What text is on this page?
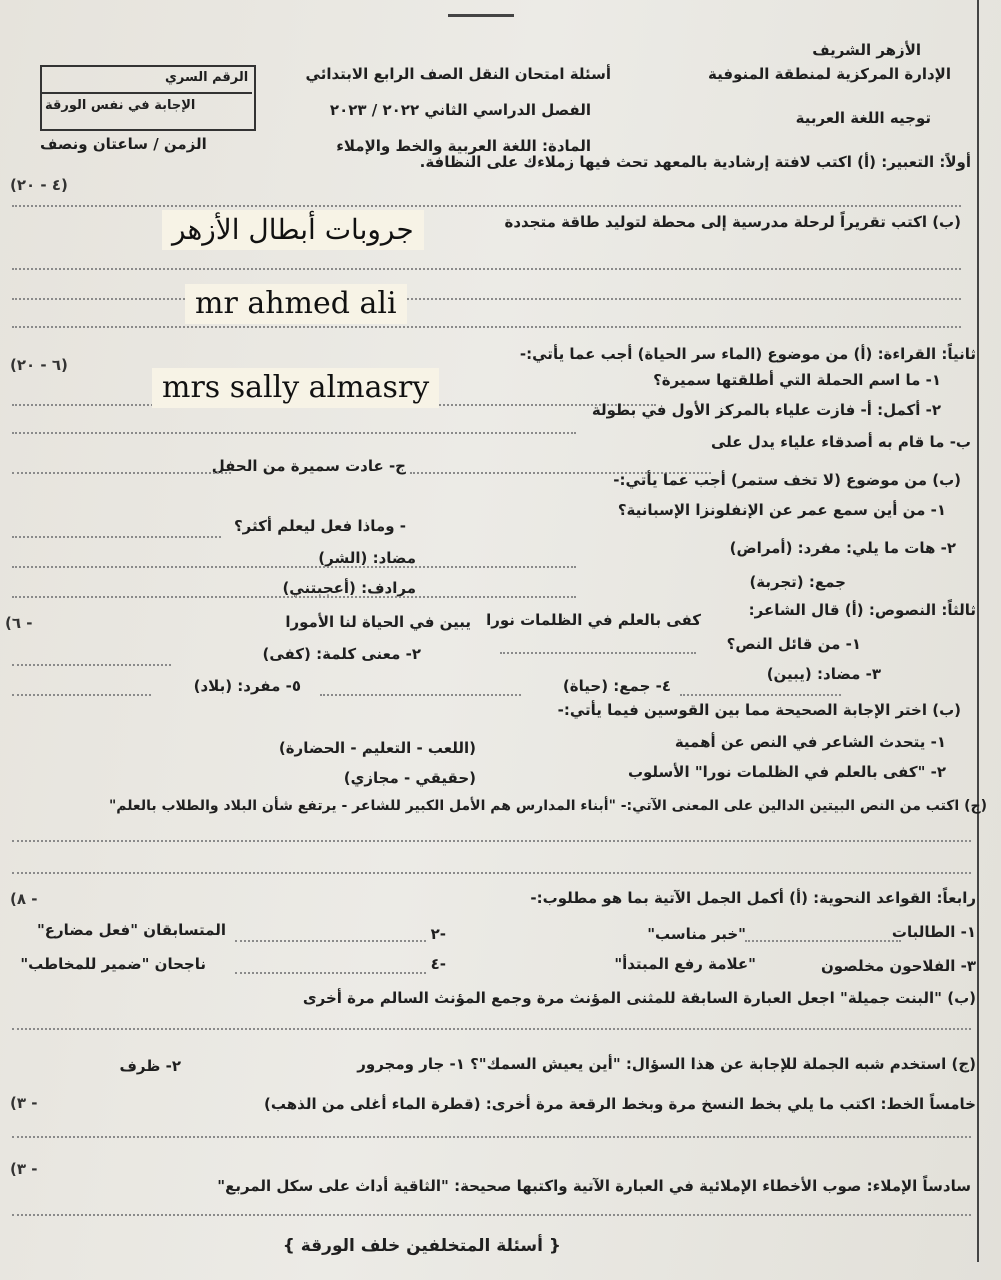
الأزهر الشريف
الإدارة المركزية لمنطقة المنوفية
توجيه اللغة العربية
أسئلة امتحان النقل الصف الرابع الابتدائي
الفصل الدراسي الثاني ٢٠٢٢ / ٢٠٢٣
المادة: اللغة العربية والخط والإملاء
الرقم السري
الإجابة في نفس الورقة
الزمن / ساعتان ونصف
أولاً: التعبير: (أ) اكتب لافتة إرشادية بالمعهد تحث فيها زملاءك على النظافة.
(٤ - ٢٠)
(ب) اكتب تقريراً لرحلة مدرسية إلى محطة لتوليد طاقة متجددة
ثانياً: القراءة: (أ) من موضوع (الماء سر الحياة) أجب عما يأتي:-
(٦ - ٢٠)
١- ما اسم الحملة التي أطلقتها سميرة؟
٢- أكمل: أ- فازت علياء بالمركز الأول في بطولة
ب- ما قام به أصدقاء علياء يدل على
ج- عادت سميرة من الحفل
(ب) من موضوع (لا تخف ستمر) أجب عما يأتي:-
١- من أين سمع عمر عن الإنفلونزا الإسبانية؟
- وماذا فعل ليعلم أكثر؟
٢- هات ما يلي: مفرد: (أمراض)
مضاد: (الشر)
جمع: (تجربة)
مرادف: (أعجبتني)
ثالثاً: النصوص: (أ) قال الشاعر:
كفى بالعلم في الظلمات نورا
يبين في الحياة لنا الأمورا
(٦ -
١- من قائل النص؟
٢- معنى كلمة: (كفى)
٣- مضاد: (يبين)
٤- جمع: (حياة)
٥- مفرد: (بلاد)
(ب) اختر الإجابة الصحيحة مما بين القوسين فيما يأتي:-
١- يتحدث الشاعر في النص عن أهمية
(اللعب - التعليم - الحضارة)
٢- "كفى بالعلم في الظلمات نورا" الأسلوب
(حقيقي - مجازي)
(ج) اكتب من النص البيتين الدالين على المعنى الآتي:- "أبناء المدارس هم الأمل الكبير للشاعر - يرتفع شأن البلاد والطلاب بالعلم"
رابعاً: القواعد النحوية: (أ) أكمل الجمل الآتية بما هو مطلوب:-
(٨ -
١- الطالبات
"خبر مناسب"
٢-
المتسابقان "فعل مضارع"
٣- الفلاحون مخلصون
"علامة رفع المبتدأ"
٤-
ناجحان "ضمير للمخاطب"
(ب) "البنت جميلة" اجعل العبارة السابقة للمثنى المؤنث مرة وجمع المؤنث السالم مرة أخرى
(ج) استخدم شبه الجملة للإجابة عن هذا السؤال: "أين يعيش السمك"؟ ١- جار ومجرور
٢- ظرف
خامساً الخط: اكتب ما يلي بخط النسخ مرة وبخط الرقعة مرة أخرى: (قطرة الماء أغلى من الذهب)
(٣ -
سادساً الإملاء: صوب الأخطاء الإملائية في العبارة الآتية واكتبها صحيحة: "الثاقية أداث على سكل المربع"
(٣ -
{ أسئلة المتخلفين خلف الورقة }
جروبات أبطال الأزهر
mr ahmed ali
mrs sally almasry
